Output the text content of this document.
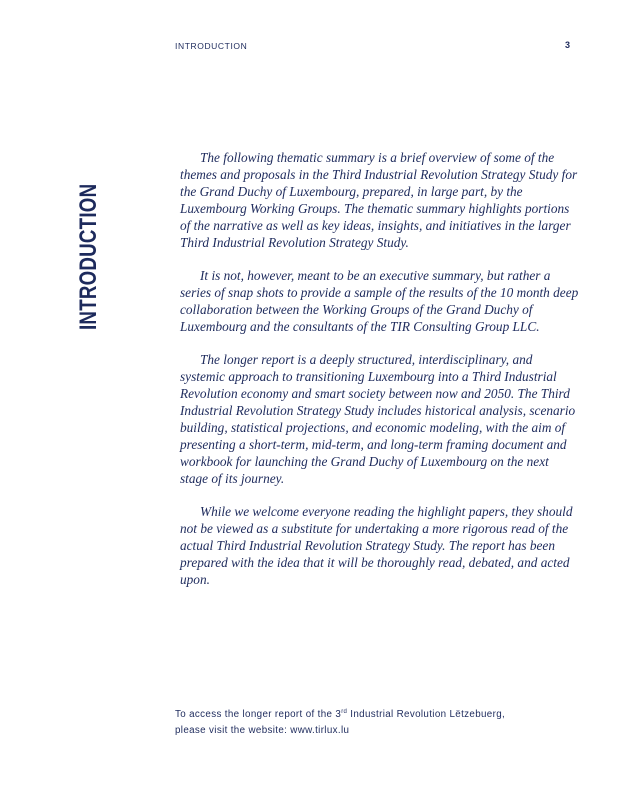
INTRODUCTION	3
INTRODUCTION

The following thematic summary is a brief overview of some of the themes and proposals in the Third Industrial Revolution Strategy Study for the Grand Duchy of Luxembourg, prepared, in large part, by the Luxembourg Working Groups. The thematic summary highlights portions of the narrative as well as key ideas, insights, and initiatives in the larger Third Industrial Revolution Strategy Study.

It is not, however, meant to be an executive summary, but rather a series of snap shots to provide a sample of the results of the 10 month deep collaboration between the Working Groups of the Grand Duchy of Luxembourg and the consultants of the TIR Consulting Group LLC.

The longer report is a deeply structured, interdisciplinary, and systemic approach to transitioning Luxembourg into a Third Industrial Revolution economy and smart society between now and 2050. The Third Industrial Revolution Strategy Study includes historical analysis, scenario building, statistical projections, and economic modeling, with the aim of presenting a short-term, mid-term, and long-term framing document and workbook for launching the Grand Duchy of Luxembourg on the next stage of its journey.

While we welcome everyone reading the highlight papers, they should not be viewed as a substitute for undertaking a more rigorous read of the actual Third Industrial Revolution Strategy Study. The report has been prepared with the idea that it will be thoroughly read, debated, and acted upon.

To access the longer report of the 3rd Industrial Revolution Lëtzebuerg,
please visit the website: www.tirlux.lu
